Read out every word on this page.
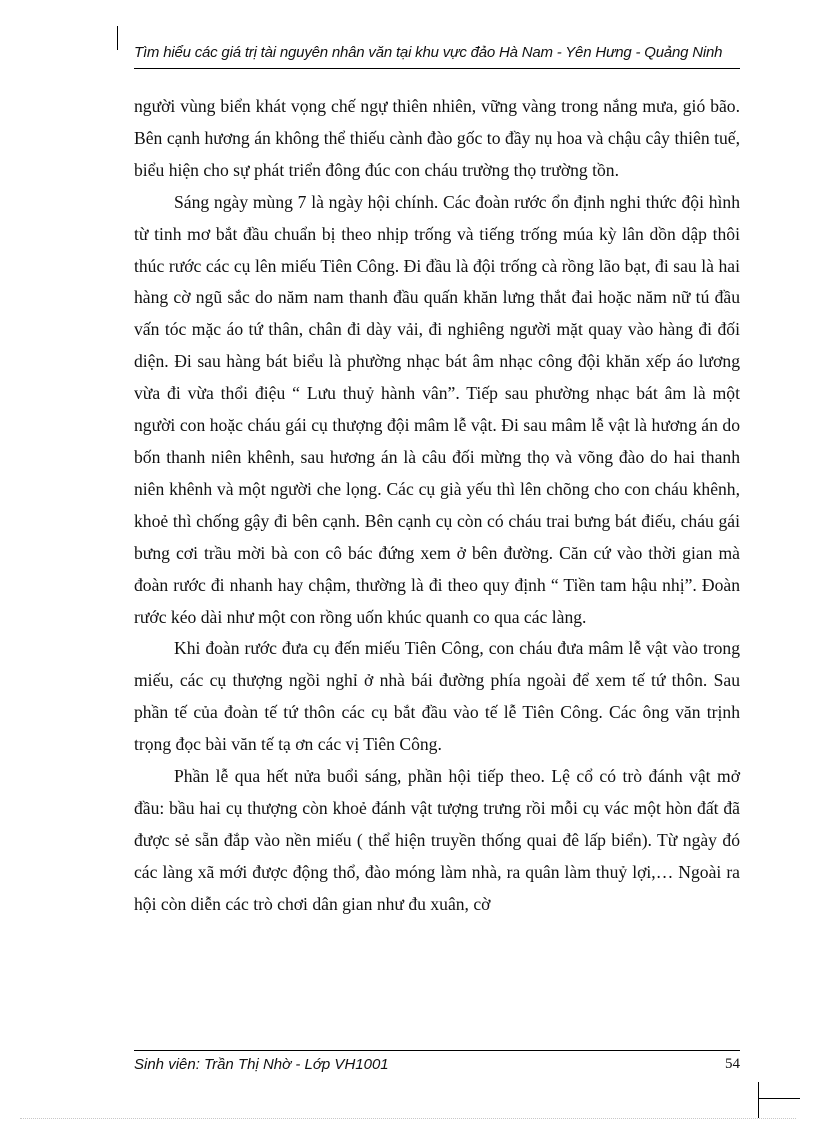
Tìm hiểu các giá trị tài nguyên nhân văn tại khu vực đảo Hà Nam - Yên Hưng - Quảng Ninh

người vùng biển khát vọng chế ngự thiên nhiên, vững vàng trong nắng mưa, gió bão. Bên cạnh hương án không thể thiếu cành đào gốc to đầy nụ hoa và chậu cây thiên tuế, biểu hiện cho sự phát triển đông đúc con cháu trường thọ trường tồn.

Sáng ngày mùng 7 là ngày hội chính. Các đoàn rước ổn định nghi thức đội hình từ tinh mơ bắt đầu chuẩn bị theo nhịp trống và tiếng trống múa kỳ lân dồn dập thôi thúc rước các cụ lên miếu Tiên Công. Đi đầu là đội trống cà rồng lão bạt, đi sau là hai hàng cờ ngũ sắc do năm nam thanh đầu quấn khăn lưng thắt đai hoặc năm nữ tú đầu vấn tóc mặc áo tứ thân, chân đi dày vải, đi nghiêng người mặt quay vào hàng đi đối diện. Đi sau hàng bát biểu là phường nhạc bát âm nhạc công đội khăn xếp áo lương vừa đi vừa thổi điệu “ Lưu thuỷ hành vân”. Tiếp sau phường nhạc bát âm là một người con hoặc cháu gái cụ thượng đội mâm lễ vật. Đi sau mâm lễ vật là hương án do bốn thanh niên khênh, sau hương án là câu đối mừng thọ và võng đào do hai thanh niên khênh và một người che lọng. Các cụ già yếu thì lên chõng cho con cháu khênh, khoẻ thì chống gậy đi bên cạnh. Bên cạnh cụ còn có cháu trai bưng bát điếu, cháu gái bưng cơi trầu mời bà con cô bác đứng xem ở bên đường. Căn cứ vào thời gian mà đoàn rước đi nhanh hay chậm, thường là đi theo quy định “ Tiền tam hậu nhị”. Đoàn rước kéo dài như một con rồng uốn khúc quanh co qua các làng.

Khi đoàn rước đưa cụ đến miếu Tiên Công, con cháu đưa mâm lễ vật vào trong miếu, các cụ thượng ngồi nghỉ ở nhà bái đường phía ngoài để xem tế tứ thôn. Sau phần tế của đoàn tế tứ thôn các cụ bắt đầu vào tế lễ Tiên Công. Các ông văn trịnh trọng đọc bài văn tế tạ ơn các vị Tiên Công.

Phần lễ qua hết nửa buổi sáng, phần hội tiếp theo. Lệ cổ có trò đánh vật mở đầu: bầu hai cụ thượng còn khoẻ đánh vật tượng trưng rồi mỗi cụ vác một hòn đất đã được sẻ sẵn đắp vào nền miếu ( thể hiện truyền thống quai đê lấp biển). Từ ngày đó các làng xã mới được động thổ, đào móng làm nhà, ra quân làm thuỷ lợi,… Ngoài ra hội còn diễn các trò chơi dân gian như đu xuân, cờ

Sinh viên: Trần Thị Nhờ - Lớp VH1001	54
